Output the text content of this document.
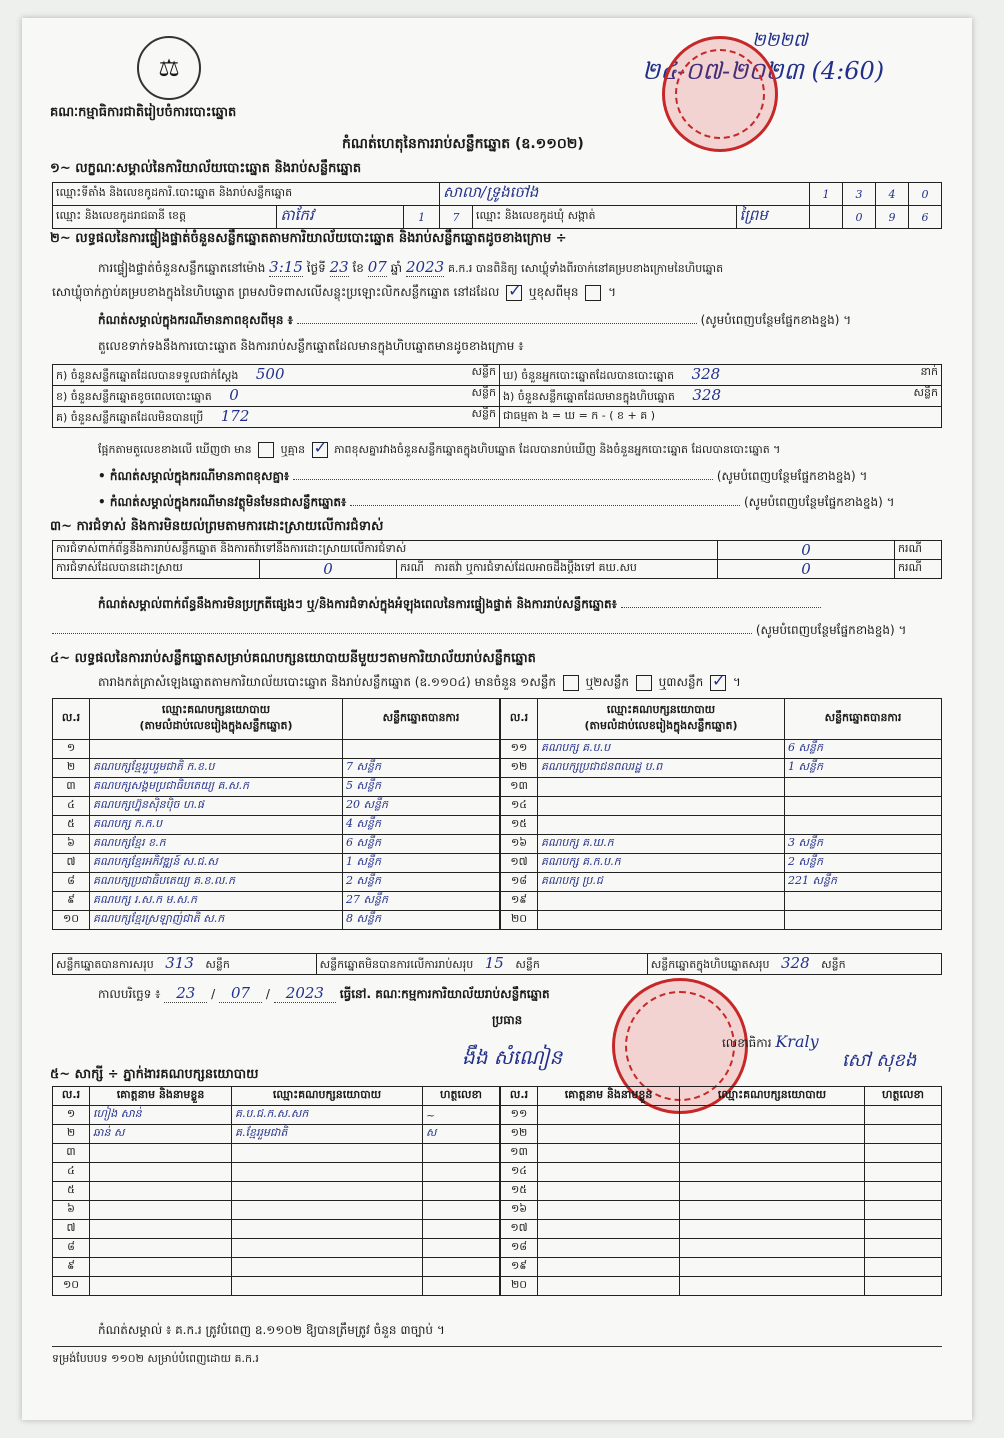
⚖
គណៈកម្មាធិការជាតិរៀបចំការបោះឆ្នោត
កំណត់ហេតុនៃការរាប់សន្លឹកឆ្នោត (ឧ.១១០២)
២៤-០៧-២០២៣ (4:60)
២២២៧
១~ លក្ខណៈសម្គាល់នៃការិយាល័យបោះឆ្នោត និងរាប់សន្លឹកឆ្នោត
ឈ្មោះទីតាំង និងលេខកូដការិ.បោះឆ្នោត និងរាប់សន្លឹកឆ្នោត			សាលា/ទ្រូងចៅង			1	3	4	0
ឈ្មោះ និងលេខកូដរាជធានី ខេត្ត	តាកែវ	1	7	ឈ្មោះ និងលេខកូដឃុំ សង្កាត់	ព្រៃម		0	9	6
២~ លទ្ធផលនៃការផ្ទៀងផ្ទាត់ចំនួនសន្លឹកឆ្នោតតាមការិយាល័យបោះឆ្នោត និងរាប់សន្លឹកឆ្នោតដូចខាងក្រោម ÷
ការផ្ទៀងផ្ទាត់ចំនួនសន្លឹកឆ្នោតនៅម៉ោង 3:15 ថ្ងៃទី 23 ខែ 07 ឆ្នាំ 2023 គ.ក.រ បានពិនិត្យ សោឃ្លុំទាំងពីរចាក់នៅគម្របខាងក្រោមនៃហិបឆ្នោត
សោឃ្លុំចាក់ភ្ជាប់គម្របខាងក្នុងនៃហិបឆ្នោត ព្រមសបិទពាសលើសន្លុះប្រឡោះលិកសន្លឹកឆ្នោត នៅដដែល ✓ ឬខុសពីមុន  ។
កំណត់សម្គាល់ក្នុងករណីមានភាពខុសពីមុន ៖	(សូមបំពេញបន្ថែមផ្នែកខាងខ្នង) ។
តួលេខទាក់ទងនឹងការបោះឆ្នោត និងការរាប់សន្លឹកឆ្នោតដែលមានក្នុងហិបឆ្នោតមានដូចខាងក្រោម ៖
ក) ចំនួនសន្លឹកឆ្នោតដែលបានទទួលជាក់ស្តែង 500 សន្លឹក	ឃ) ចំនួនអ្នកបោះឆ្នោតដែលបានបោះឆ្នោត 328 នាក់

ខ) ចំនួនសន្លឹកឆ្នោតខូចពេលបោះឆ្នោត 0 សន្លឹក	ង) ចំនួនសន្លឹកឆ្នោតដែលមានក្នុងហិបឆ្នោត 328 សន្លឹក

គ) ចំនួនសន្លឹកឆ្នោតដែលមិនបានប្រើ 172 សន្លឹក	ជាធម្មតា ង = ឃ = ក - ( ខ + គ )
ផ្អែកតាមតួលេខខាងលើ ឃើញថា មាន	ឬគ្មាន ✓	ភាពខុសគ្នារវាងចំនួនសន្លឹកឆ្នោតក្នុងហិបឆ្នោត ដែលបានរាប់ឃើញ និងចំនួនអ្នកបោះឆ្នោត ដែលបានបោះឆ្នោត ។
• កំណត់សម្គាល់ក្នុងករណីមានភាពខុសគ្នា៖	(សូមបំពេញបន្ថែមផ្នែកខាងខ្នង) ។
• កំណត់សម្គាល់ក្នុងករណីមានវត្ថុមិនមែនជាសន្លឹកឆ្នោត៖	(សូមបំពេញបន្ថែមផ្នែកខាងខ្នង) ។
៣~ ការជំទាស់ និងការមិនយល់ព្រមតាមការដោះស្រាយលើការជំទាស់
ការជំទាស់ពាក់ព័ន្ធនឹងការរាប់សន្លឹកឆ្នោត និងការតវ៉ាទៅនឹងការដោះស្រាយលើការជំទាស់			0	ករណី
ការជំទាស់ដែលបានដោះស្រាយ	0	ករណី ការតវ៉ា ឬការជំទាស់ដែលអាចដឹងប្តឹងទៅ គឃ.សប	0	ករណី
កំណត់សម្គាល់ពាក់ព័ន្ធនឹងការមិនប្រក្រតីផ្សេងៗ ឬ/និងការជំទាស់ក្នុងអំឡុងពេលនៃការផ្ទៀងផ្ទាត់ និងការរាប់សន្លឹកឆ្នោត៖
(សូមបំពេញបន្ថែមផ្នែកខាងខ្នង) ។
៤~ លទ្ធផលនៃការរាប់សន្លឹកឆ្នោតសម្រាប់គណបក្សនយោបាយនីមួយៗតាមការិយាល័យរាប់សន្លឹកឆ្នោត
តារាងកត់ត្រាសំឡេងឆ្នោតតាមការិយាល័យបោះឆ្នោត និងរាប់សន្លឹកឆ្នោត (ឧ.១១០៤) មានចំនួន ១សន្លឹក ឬ២សន្លឹក ឬ៣សន្លឹក ✓ ។
ល.រ	ឈ្មោះគណបក្សនយោបាយ
(តាមលំដាប់លេខរៀងក្នុងសន្លឹកឆ្នោត)	សន្លឹកឆ្នោតបានការ
១		
២	គណបក្សខ្មែររួបរួមជាតិ ក.ខ.ប	7 សន្លឹក
៣	គណបក្សសង្គមប្រជាធិបតេយ្យ គ.ស.ក	5 សន្លឹក
៤	គណបក្សហ្វ៊ុនស៊ិនប៉ិច ហ.ផ	20 សន្លឹក
៥	គណបក្ស ក.ក.ប	4 សន្លឹក
៦	គណបក្សខ្មែរ ខ.ក	6 សន្លឹក
៧	គណបក្សខ្មែរអភិវឌ្ឍន៍ ស.ជ.ស	1 សន្លឹក
៨	គណបក្សប្រជាធិបតេយ្យ គ.ខ.ល.ក	2 សន្លឹក
៩	គណបក្ស រ.ស.ក ម.ស.ក	27 សន្លឹក
១០	គណបក្សខ្មែរស្រឡាញ់ជាតិ ស.ក	8 សន្លឹក
ល.រ	ឈ្មោះគណបក្សនយោបាយ
(តាមលំដាប់លេខរៀងក្នុងសន្លឹកឆ្នោត)	សន្លឹកឆ្នោតបានការ
១១	គណបក្ស គ.ប.ប	6 សន្លឹក
១២	គណបក្សប្រជាជនពលរដ្ឋ ប.ព	1 សន្លឹក
១៣		
១៤		
១៥		
១៦	គណបក្ស គ.ឃ.ក	3 សន្លឹក
១៧	គណបក្ស គ.ក.ប.ក	2 សន្លឹក
១៨	គណបក្ស ប្រ.ជ	221 សន្លឹក
១៩		
២០		
សន្លឹកឆ្នោតបានការសរុប 313 សន្លឹក	សន្លឹកឆ្នោតមិនបានការលើការរាប់សរុប 15 សន្លឹក	សន្លឹកឆ្នោតក្នុងហិបឆ្នោតសរុប 328 សន្លឹក
កាលបរិច្ឆេទ ៖ 23 / 07 / 2023 ធ្វើនៅ. គណៈកម្មការការិយាល័យរាប់សន្លឹកឆ្នោត
ប្រធាន
ងឹង សំណៀន
លេខាធិការ Kraly
សៅ សុខង
៥~ សាក្សី ÷ ភ្នាក់ងារគណបក្សនយោបាយ
ល.រ	គោត្តនាម និងនាមខ្លួន	ឈ្មោះគណបក្សនយោបាយ	ហត្ថលេខា
១	ហៀង សាន់	គ.ប.ជ.ក.ស.សក	~
២	ឆាន់ ស	គ.ខ្មែររួមជាតិ	ស
៣			
៤			
៥			
៦			
៧			
៨			
៩			
១០			
ល.រ	គោត្តនាម និងនាមខ្លួន	ឈ្មោះគណបក្សនយោបាយ	ហត្ថលេខា
១១			
១២			
១៣			
១៤			
១៥			
១៦			
១៧			
១៨			
១៩			
២០			
កំណត់សម្គាល់ ៖ គ.ក.រ ត្រូវបំពេញ ឧ.១១០២ ឱ្យបានត្រឹមត្រូវ ចំនួន ៣ច្បាប់ ។
ទម្រង់បែបបទ ១១០២ សម្រាប់បំពេញដោយ គ.ក.រ
